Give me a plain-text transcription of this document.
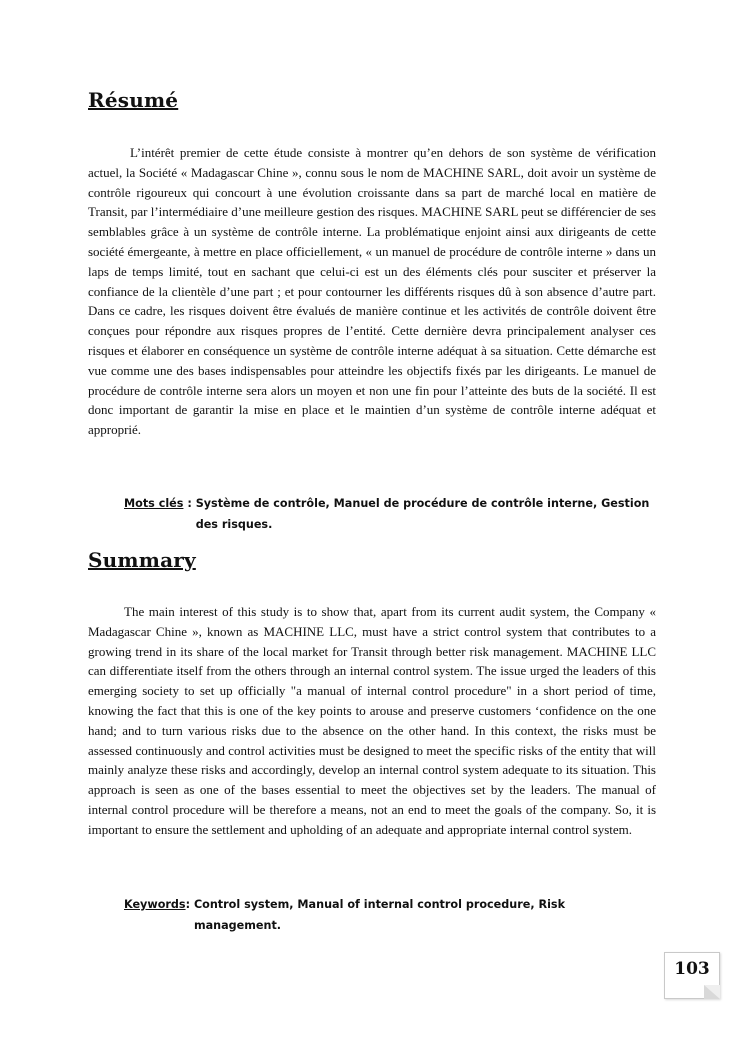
Résumé

L’intérêt premier de cette étude consiste à montrer qu’en dehors de son système de vérification actuel, la Société « Madagascar Chine », connu sous le nom de MACHINE SARL, doit avoir un système de contrôle rigoureux qui concourt à une évolution croissante dans sa part de marché local en matière de Transit, par l’intermédiaire d’une meilleure gestion des risques. MACHINE SARL peut se différencier de ses semblables grâce à un système de contrôle interne. La problématique enjoint ainsi aux dirigeants de cette société émergeante, à mettre en place officiellement, « un manuel de procédure de contrôle interne » dans un laps de temps limité, tout en sachant que celui-ci est un des éléments clés pour susciter et préserver la confiance de la clientèle d’une part ; et pour contourner les différents risques dû à son absence d’autre part. Dans ce cadre, les risques doivent être évalués de manière continue et les activités de contrôle doivent être conçues pour répondre aux risques propres de l’entité. Cette dernière devra principalement analyser ces risques et élaborer en conséquence un système de contrôle interne adéquat à sa situation. Cette démarche est vue comme une des bases indispensables pour atteindre les objectifs fixés par les dirigeants. Le manuel de procédure de contrôle interne sera alors un moyen et non une fin pour l’atteinte des buts de la société. Il est donc important de garantir la mise en place et le maintien d’un système de contrôle interne adéquat et approprié.

Mots clés : Système de contrôle, Manuel de procédure de contrôle interne, Gestion des risques.
Summary

The main interest of this study is to show that, apart from its current audit system, the Company « Madagascar Chine », known as MACHINE LLC, must have a strict control system that contributes to a growing trend in its share of the local market for Transit through better risk management. MACHINE LLC can differentiate itself from the others through an internal control system. The issue urged the leaders of this emerging society to set up officially "a manual of internal control procedure" in a short period of time, knowing the fact that this is one of the key points to arouse and preserve customers ‘confidence on the one hand; and to turn various risks due to the absence on the other hand. In this context, the risks must be assessed continuously and control activities must be designed to meet the specific risks of the entity that will mainly analyze these risks and accordingly, develop an internal control system adequate to its situation. This approach is seen as one of the bases essential to meet the objectives set by the leaders. The manual of internal control procedure will be therefore a means, not an end to meet the goals of the company. So, it is important to ensure the settlement and upholding of an adequate and appropriate internal control system.

Keywords : Control system, Manual of internal control procedure, Risk management.
103
